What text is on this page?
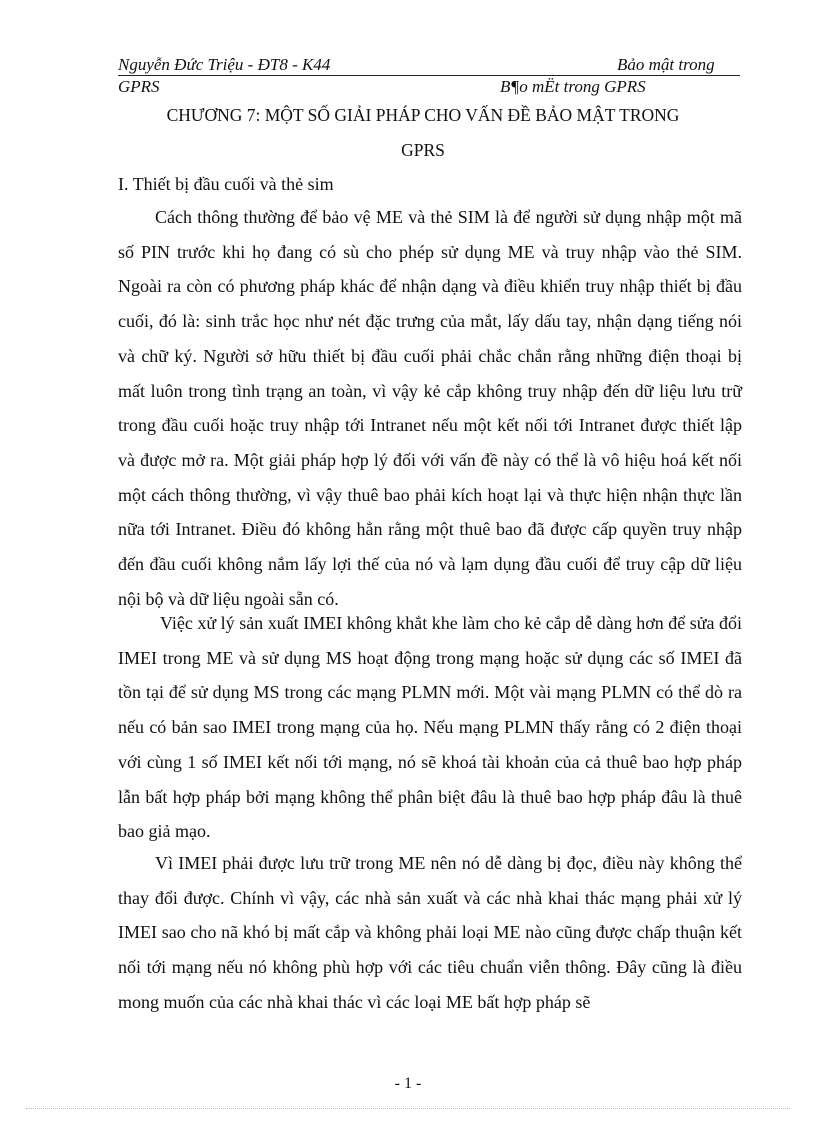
Nguyễn Đức Triệu - ĐT8 - K44	Bảo mật trong
GPRS	B¶o mËt trong GPRS
CHƯƠNG 7: MỘT SỐ GIẢI PHÁP CHO VẤN ĐỀ BẢO MẬT TRONG
GPRS
I. Thiết bị đầu cuối và thẻ sim
Cách thông thường để bảo vệ ME và thẻ SIM là để người sử dụng nhập một mã số PIN trước khi họ đang có sù cho phép sử dụng ME và truy nhập vào thẻ SIM. Ngoài ra còn có phương pháp khác để nhận dạng và điều khiển truy nhập thiết bị đầu cuối, đó là: sinh trắc học như nét đặc trưng của mắt, lấy dấu tay, nhận dạng tiếng nói và chữ ký. Người sở hữu thiết bị đầu cuối phải chắc chắn rằng những điện thoại bị mất luôn trong tình trạng an toàn, vì vậy kẻ cắp không truy nhập đến dữ liệu lưu trữ trong đầu cuối hoặc truy nhập tới Intranet nếu một kết nối tới Intranet được thiết lập và được mở ra. Một giải pháp hợp lý đối với vấn đề này có thể là vô hiệu hoá kết nối một cách thông thường, vì vậy thuê bao phải kích hoạt lại và thực hiện nhận thực lần nữa tới Intranet. Điều đó không hẳn rằng một thuê bao đã được cấp quyền truy nhập đến đầu cuối không nắm lấy lợi thế của nó và lạm dụng đầu cuối để truy cập dữ liệu nội bộ và dữ liệu ngoài sẵn có.
Việc xử lý sản xuất IMEI không khắt khe làm cho kẻ cắp dễ dàng hơn để sửa đổi IMEI trong ME và sử dụng MS hoạt động trong mạng hoặc sử dụng các số IMEI đã tồn tại để sử dụng MS trong các mạng PLMN mới. Một vài mạng PLMN có thể dò ra nếu có bản sao IMEI trong mạng của họ. Nếu mạng PLMN thấy rằng có 2 điện thoại với cùng 1 số IMEI kết nối tới mạng, nó sẽ khoá tài khoản của cả thuê bao hợp pháp lẫn bất hợp pháp bởi mạng không thể phân biệt đâu là thuê bao hợp pháp đâu là thuê bao giả mạo.
Vì IMEI phải được lưu trữ trong ME nên nó dễ dàng bị đọc, điều này không thể thay đổi được. Chính vì vậy, các nhà sản xuất và các nhà khai thác mạng phải xử lý IMEI sao cho nã khó bị mất cắp và không phải loại ME nào cũng được chấp thuận kết nối tới mạng nếu nó không phù hợp với các tiêu chuẩn viễn thông. Đây cũng là điều mong muốn của các nhà khai thác vì các loại ME bất hợp pháp sẽ
- 1 -
